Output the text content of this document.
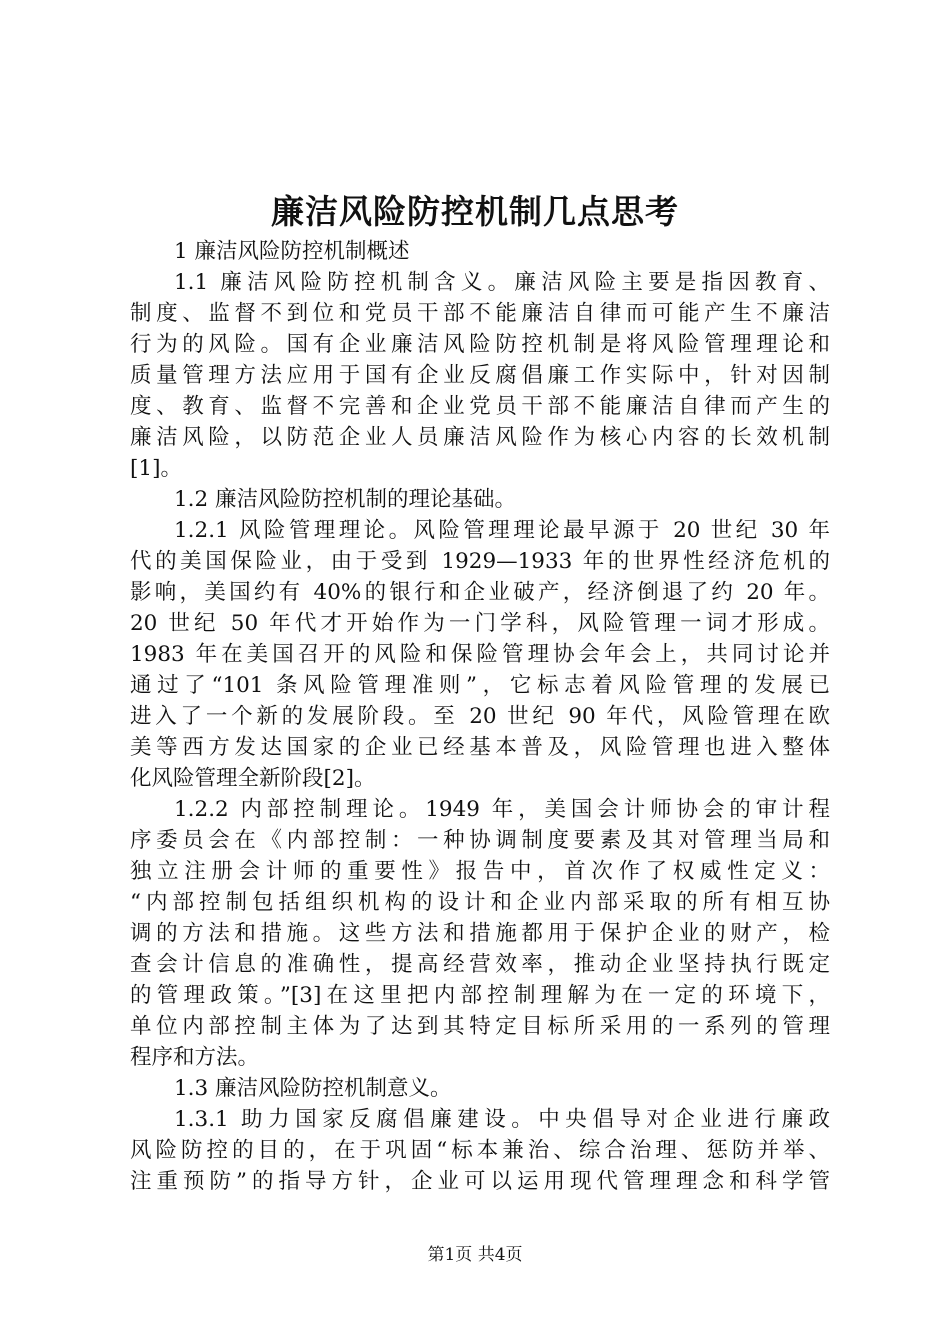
廉洁风险防控机制几点思考
1 廉洁风险防控机制概述
1.1 廉洁风险防控机制含义。廉洁风险主要是指因教育、
制度、监督不到位和党员干部不能廉洁自律而可能产生不廉洁
行为的风险。国有企业廉洁风险防控机制是将风险管理理论和
质量管理方法应用于国有企业反腐倡廉工作实际中，针对因制
度、教育、监督不完善和企业党员干部不能廉洁自律而产生的
廉洁风险，以防范企业人员廉洁风险作为核心内容的长效机制
[1]。
1.2 廉洁风险防控机制的理论基础。
1.2.1 风险管理理论。风险管理理论最早源于 20 世纪 30 年
代的美国保险业，由于受到 1929—1933 年的世界性经济危机的
影响，美国约有 40%的银行和企业破产，经济倒退了约 20 年。
20 世纪 50 年代才开始作为一门学科，风险管理一词才形成。
1983 年在美国召开的风险和保险管理协会年会上，共同讨论并
通过了“101 条风险管理准则”，它标志着风险管理的发展已
进入了一个新的发展阶段。至 20 世纪 90 年代，风险管理在欧
美等西方发达国家的企业已经基本普及，风险管理也进入整体
化风险管理全新阶段[2]。
1.2.2 内部控制理论。1949 年，美国会计师协会的审计程
序委员会在《内部控制：一种协调制度要素及其对管理当局和
独立注册会计师的重要性》报告中，首次作了权威性定义：
“内部控制包括组织机构的设计和企业内部采取的所有相互协
调的方法和措施。这些方法和措施都用于保护企业的财产，检
查会计信息的准确性，提高经营效率，推动企业坚持执行既定
的管理政策。”[3]在这里把内部控制理解为在一定的环境下，
单位内部控制主体为了达到其特定目标所采用的一系列的管理
程序和方法。
1.3 廉洁风险防控机制意义。
1.3.1 助力国家反腐倡廉建设。中央倡导对企业进行廉政
风险防控的目的，在于巩固“标本兼治、综合治理、惩防并举、
注重预防”的指导方针，企业可以运用现代管理理念和科学管
第1页 共4页
